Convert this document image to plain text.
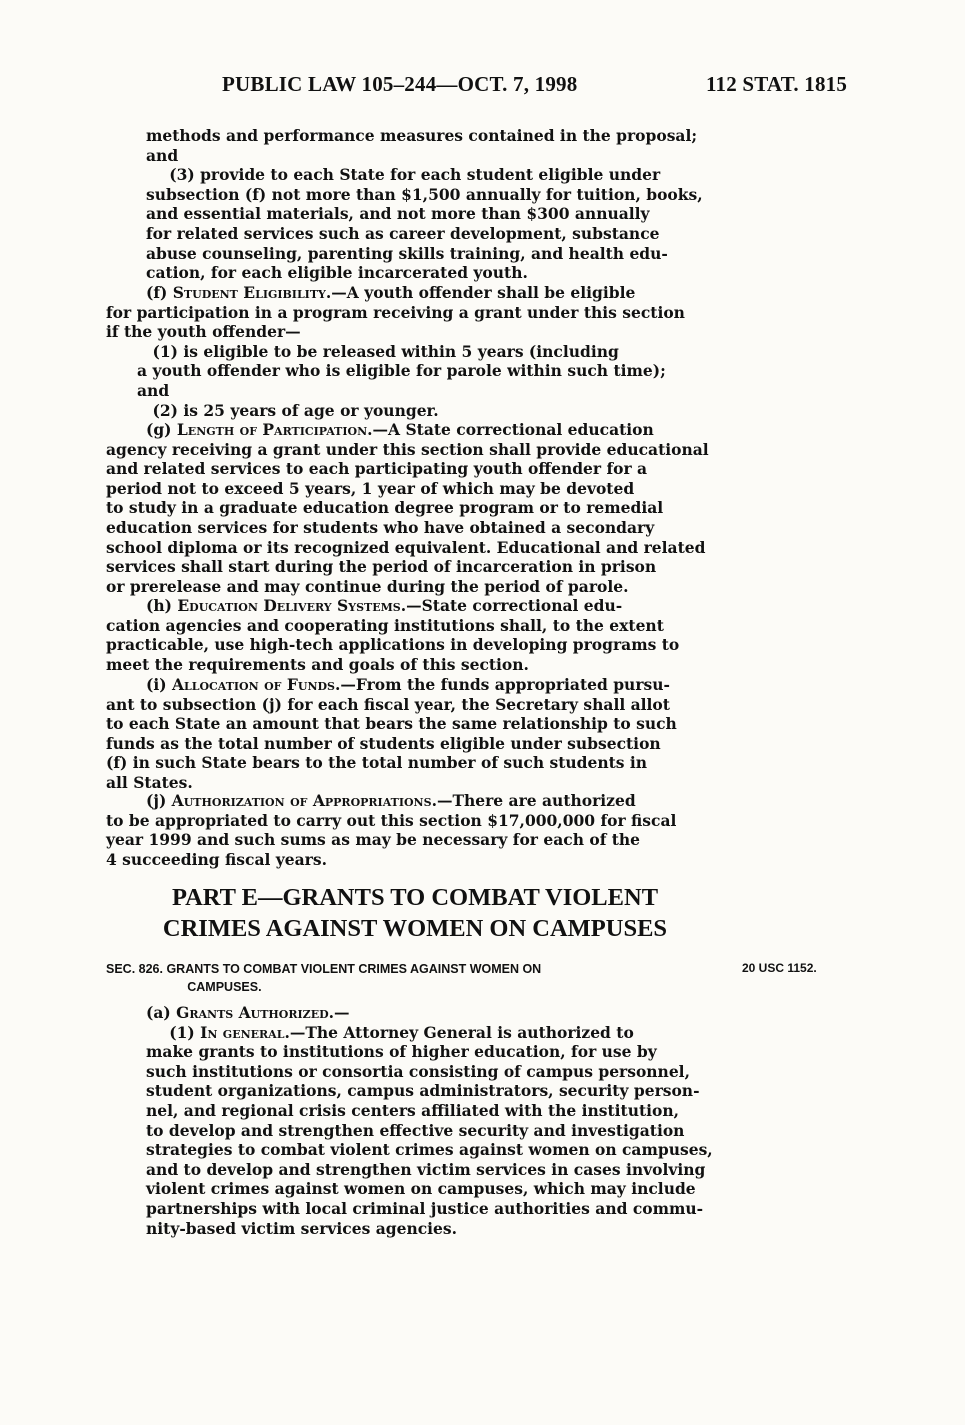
PUBLIC LAW 105–244—OCT. 7, 1998	112 STAT. 1815
methods and performance measures contained in the proposal;
and
  (3) provide to each State for each student eligible under
subsection (f) not more than $1,500 annually for tuition, books,
and essential materials, and not more than $300 annually
for related services such as career development, substance
abuse counseling, parenting skills training, and health edu-
cation, for each eligible incarcerated youth.
(f) Student Eligibility.—A youth offender shall be eligible
for participation in a program receiving a grant under this section
if the youth offender—
   (1) is eligible to be released within 5 years (including
  a youth offender who is eligible for parole within such time);
  and
   (2) is 25 years of age or younger.
(g) Length of Participation.—A State correctional education
agency receiving a grant under this section shall provide educational
and related services to each participating youth offender for a
period not to exceed 5 years, 1 year of which may be devoted
to study in a graduate education degree program or to remedial
education services for students who have obtained a secondary
school diploma or its recognized equivalent. Educational and related
services shall start during the period of incarceration in prison
or prerelease and may continue during the period of parole.
(h) Education Delivery Systems.—State correctional edu-
cation agencies and cooperating institutions shall, to the extent
practicable, use high-tech applications in developing programs to
meet the requirements and goals of this section.
(i) Allocation of Funds.—From the funds appropriated pursu-
ant to subsection (j) for each fiscal year, the Secretary shall allot
to each State an amount that bears the same relationship to such
funds as the total number of students eligible under subsection
(f) in such State bears to the total number of such students in
all States.
(j) Authorization of Appropriations.—There are authorized
to be appropriated to carry out this section $17,000,000 for fiscal
year 1999 and such sums as may be necessary for each of the
4 succeeding fiscal years.
PART E—GRANTS TO COMBAT VIOLENT
CRIMES AGAINST WOMEN ON CAMPUSES
SEC. 826. GRANTS TO COMBAT VIOLENT CRIMES AGAINST WOMEN ON
       CAMPUSES.
20 USC 1152.
(a) Grants Authorized.—
  (1) In general.—The Attorney General is authorized to
make grants to institutions of higher education, for use by
such institutions or consortia consisting of campus personnel,
student organizations, campus administrators, security person-
nel, and regional crisis centers affiliated with the institution,
to develop and strengthen effective security and investigation
strategies to combat violent crimes against women on campuses,
and to develop and strengthen victim services in cases involving
violent crimes against women on campuses, which may include
partnerships with local criminal justice authorities and commu-
nity-based victim services agencies.
